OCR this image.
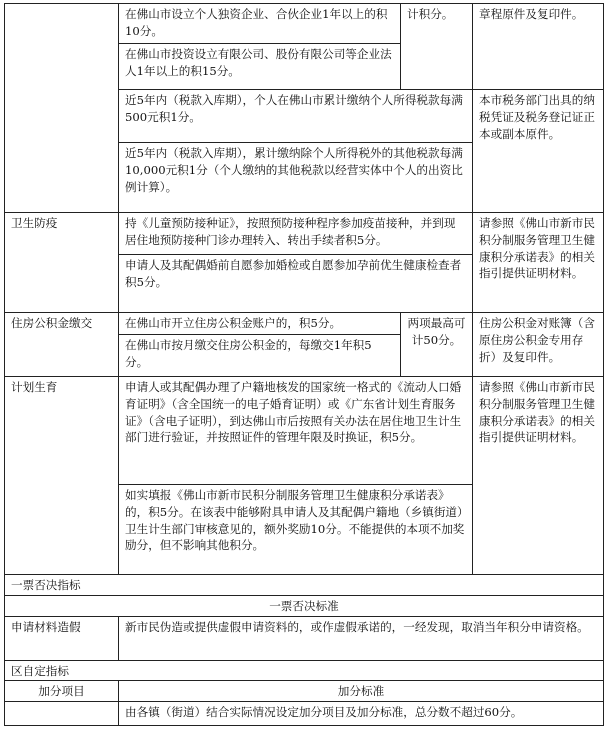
	在佛山市设立个人独资企业、合伙企业1年以上的积10分。	计积分。	章程原件及复印件。
	在佛山市投资设立有限公司、股份有限公司等企业法人1年以上的积15分。		
	近5年内（税款入库期），个人在佛山市累计缴纳个人所得税款每满500元积1分。		本市税务部门出具的纳税凭证及税务登记证正本或副本原件。
	近5年内（税款入库期），累计缴纳除个人所得税外的其他税款每满10,000元积1分（个人缴纳的其他税款以经营实体中个人的出资比例计算）。		
卫生防疫	持《儿童预防接种证》，按照预防接种程序参加疫苗接种，并到现居住地预防接种门诊办理转入、转出手续者积5分。		请参照《佛山市新市民积分制服务管理卫生健康积分承诺表》的相关指引提供证明材料。
	申请人及其配偶婚前自愿参加婚检或自愿参加孕前优生健康检查者积5分。		
住房公积金缴交	在佛山市开立住房公积金账户的，积5分。	两项最高可计50分。	住房公积金对账簿（含原住房公积金专用存折）及复印件。
	在佛山市按月缴交住房公积金的，每缴交1年积5分。		
计划生育	申请人或其配偶办理了户籍地核发的国家统一格式的《流动人口婚育证明》（含全国统一的电子婚育证明）或《广东省计划生育服务证》（含电子证明），到达佛山市后按照有关办法在居住地卫生计生部门进行验证，并按照证件的管理年限及时换证，积5分。		请参照《佛山市新市民积分制服务管理卫生健康积分承诺表》的相关指引提供证明材料。
	如实填报《佛山市新市民积分制服务管理卫生健康积分承诺表》的，积5分。在该表中能够附具申请人及其配偶户籍地（乡镇街道）卫生计生部门审核意见的，额外奖励10分。不能提供的本项不加奖励分，但不影响其他积分。		
一票否决指标			
一票否决标准			
申请材料造假	新市民伪造或提供虚假申请资料的，或作虚假承诺的，一经发现，取消当年积分申请资格。		
区自定指标			
加分项目	加分标准		
	由各镇（街道）结合实际情况设定加分项目及加分标准，总分数不超过60分。		
